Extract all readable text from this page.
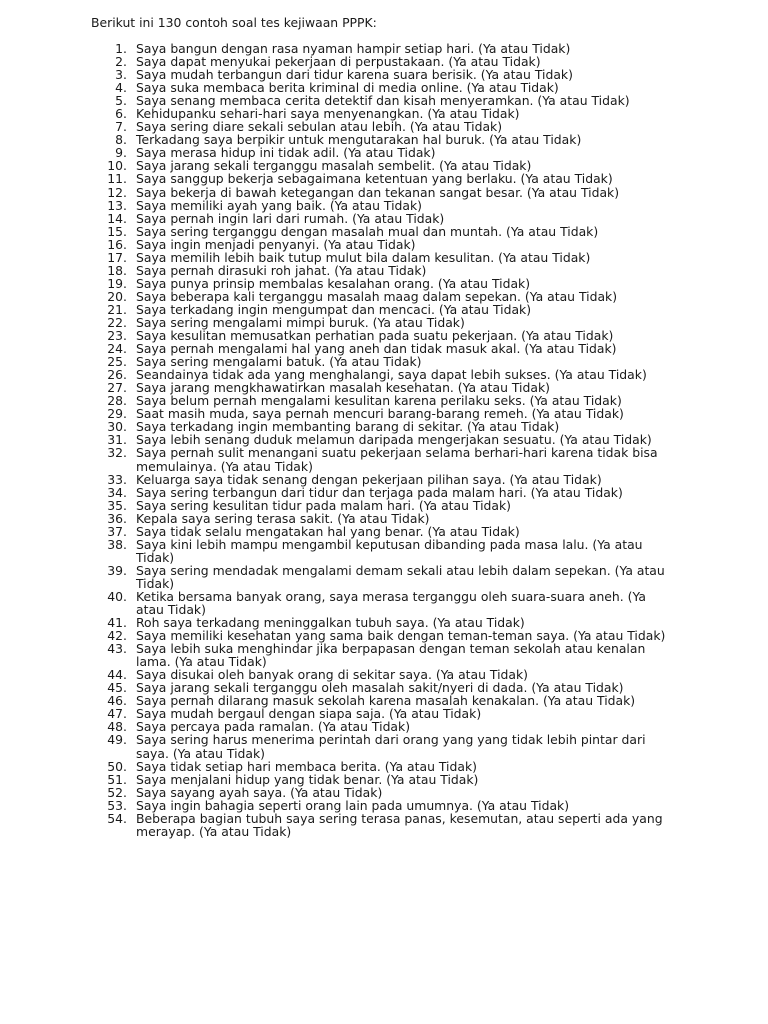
Berikut ini 130 contoh soal tes kejiwaan PPPK:
1. Saya bangun dengan rasa nyaman hampir setiap hari. (Ya atau Tidak)
2. Saya dapat menyukai pekerjaan di perpustakaan. (Ya atau Tidak)
3. Saya mudah terbangun dari tidur karena suara berisik. (Ya atau Tidak)
4. Saya suka membaca berita kriminal di media online. (Ya atau Tidak)
5. Saya senang membaca cerita detektif dan kisah menyeramkan. (Ya atau Tidak)
6. Kehidupanku sehari-hari saya menyenangkan. (Ya atau Tidak)
7. Saya sering diare sekali sebulan atau lebih. (Ya atau Tidak)
8. Terkadang saya berpikir untuk mengutarakan hal buruk. (Ya atau Tidak)
9. Saya merasa hidup ini tidak adil. (Ya atau Tidak)
10. Saya jarang sekali terganggu masalah sembelit. (Ya atau Tidak)
11. Saya sanggup bekerja sebagaimana ketentuan yang berlaku. (Ya atau Tidak)
12. Saya bekerja di bawah ketegangan dan tekanan sangat besar. (Ya atau Tidak)
13. Saya memiliki ayah yang baik. (Ya atau Tidak)
14. Saya pernah ingin lari dari rumah. (Ya atau Tidak)
15. Saya sering terganggu dengan masalah mual dan muntah. (Ya atau Tidak)
16. Saya ingin menjadi penyanyi. (Ya atau Tidak)
17. Saya memilih lebih baik tutup mulut bila dalam kesulitan. (Ya atau Tidak)
18. Saya pernah dirasuki roh jahat. (Ya atau Tidak)
19. Saya punya prinsip membalas kesalahan orang. (Ya atau Tidak)
20. Saya beberapa kali terganggu masalah maag dalam sepekan. (Ya atau Tidak)
21. Saya terkadang ingin mengumpat dan mencaci. (Ya atau Tidak)
22. Saya sering mengalami mimpi buruk. (Ya atau Tidak)
23. Saya kesulitan memusatkan perhatian pada suatu pekerjaan. (Ya atau Tidak)
24. Saya pernah mengalami hal yang aneh dan tidak masuk akal. (Ya atau Tidak)
25. Saya sering mengalami batuk. (Ya atau Tidak)
26. Seandainya tidak ada yang menghalangi, saya dapat lebih sukses. (Ya atau Tidak)
27. Saya jarang mengkhawatirkan masalah kesehatan. (Ya atau Tidak)
28. Saya belum pernah mengalami kesulitan karena perilaku seks. (Ya atau Tidak)
29. Saat masih muda, saya pernah mencuri barang-barang remeh. (Ya atau Tidak)
30. Saya terkadang ingin membanting barang di sekitar. (Ya atau Tidak)
31. Saya lebih senang duduk melamun daripada mengerjakan sesuatu. (Ya atau Tidak)
32. Saya pernah sulit menangani suatu pekerjaan selama berhari-hari karena tidak bisa memulainya. (Ya atau Tidak)
33. Keluarga saya tidak senang dengan pekerjaan pilihan saya. (Ya atau Tidak)
34. Saya sering terbangun dari tidur dan terjaga pada malam hari. (Ya atau Tidak)
35. Saya sering kesulitan tidur pada malam hari. (Ya atau Tidak)
36. Kepala saya sering terasa sakit. (Ya atau Tidak)
37. Saya tidak selalu mengatakan hal yang benar. (Ya atau Tidak)
38. Saya kini lebih mampu mengambil keputusan dibanding pada masa lalu. (Ya atau Tidak)
39. Saya sering mendadak mengalami demam sekali atau lebih dalam sepekan. (Ya atau Tidak)
40. Ketika bersama banyak orang, saya merasa terganggu oleh suara-suara aneh. (Ya atau Tidak)
41. Roh saya terkadang meninggalkan tubuh saya. (Ya atau Tidak)
42. Saya memiliki kesehatan yang sama baik dengan teman-teman saya. (Ya atau Tidak)
43. Saya lebih suka menghindar jika berpapasan dengan teman sekolah atau kenalan lama. (Ya atau Tidak)
44. Saya disukai oleh banyak orang di sekitar saya. (Ya atau Tidak)
45. Saya jarang sekali terganggu oleh masalah sakit/nyeri di dada. (Ya atau Tidak)
46. Saya pernah dilarang masuk sekolah karena masalah kenakalan. (Ya atau Tidak)
47. Saya mudah bergaul dengan siapa saja. (Ya atau Tidak)
48. Saya percaya pada ramalan. (Ya atau Tidak)
49. Saya sering harus menerima perintah dari orang yang yang tidak lebih pintar dari saya. (Ya atau Tidak)
50. Saya tidak setiap hari membaca berita. (Ya atau Tidak)
51. Saya menjalani hidup yang tidak benar. (Ya atau Tidak)
52. Saya sayang ayah saya. (Ya atau Tidak)
53. Saya ingin bahagia seperti orang lain pada umumnya. (Ya atau Tidak)
54. Beberapa bagian tubuh saya sering terasa panas, kesemutan, atau seperti ada yang merayap. (Ya atau Tidak)
